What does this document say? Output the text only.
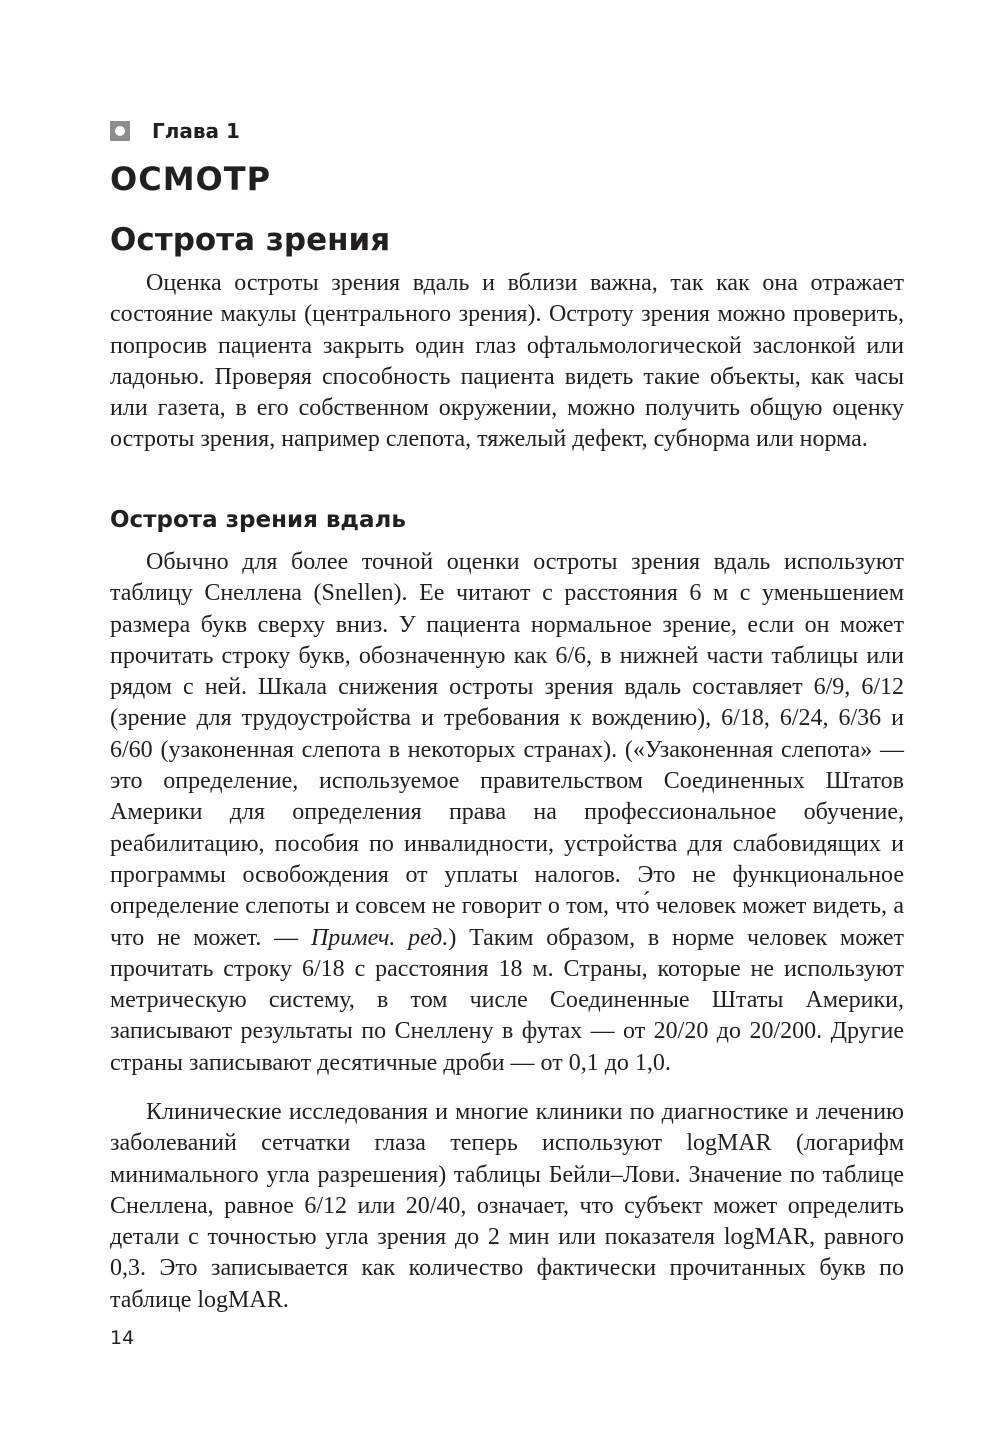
Глава 1
ОСМОТР
Острота зрения

Оценка остроты зрения вдаль и вблизи важна, так как она отражает состояние макулы (центрального зрения). Остроту зрения можно проверить, попросив пациента закрыть один глаз офтальмологической заслонкой или ладонью. Проверяя способность пациента видеть такие объекты, как часы или газета, в его собственном окружении, можно получить общую оценку остроты зрения, например слепота, тяжелый дефект, субнорма или норма.

Острота зрения вдаль

Обычно для более точной оценки остроты зрения вдаль используют таблицу Снеллена (Snellen). Ее читают с расстояния 6 м с уменьшением размера букв сверху вниз. У пациента нормальное зрение, если он может прочитать строку букв, обозначенную как 6/6, в нижней части таблицы или рядом с ней. Шкала снижения остроты зрения вдаль составляет 6/9, 6/12 (зрение для трудоустройства и требования к вождению), 6/18, 6/24, 6/36 и 6/60 (узаконенная слепота в некоторых странах). («Узаконенная слепота» — это определение, используемое правительством Соединенных Штатов Америки для определения права на профессиональное обучение, реабилитацию, пособия по инвалидности, устройства для слабовидящих и программы освобождения от уплаты налогов. Это не функциональное определение слепоты и совсем не говорит о том, что́ человек может видеть, а что не может. — Примеч. ред.) Таким образом, в норме человек может прочитать строку 6/18 с расстояния 18 м. Страны, которые не используют метрическую систему, в том числе Соединенные Штаты Америки, записывают результаты по Снеллену в футах — от 20/20 до 20/200. Другие страны записывают десятичные дроби — от 0,1 до 1,0.

Клинические исследования и многие клиники по диагностике и лечению заболеваний сетчатки глаза теперь используют logMAR (логарифм минимального угла разрешения) таблицы Бейли–Лови. Значение по таблице Снеллена, равное 6/12 или 20/40, означает, что субъект может определить детали с точностью угла зрения до 2 мин или показателя logMAR, равного 0,3. Это записывается как количество фактически прочитанных букв по таблице logMAR.

14
